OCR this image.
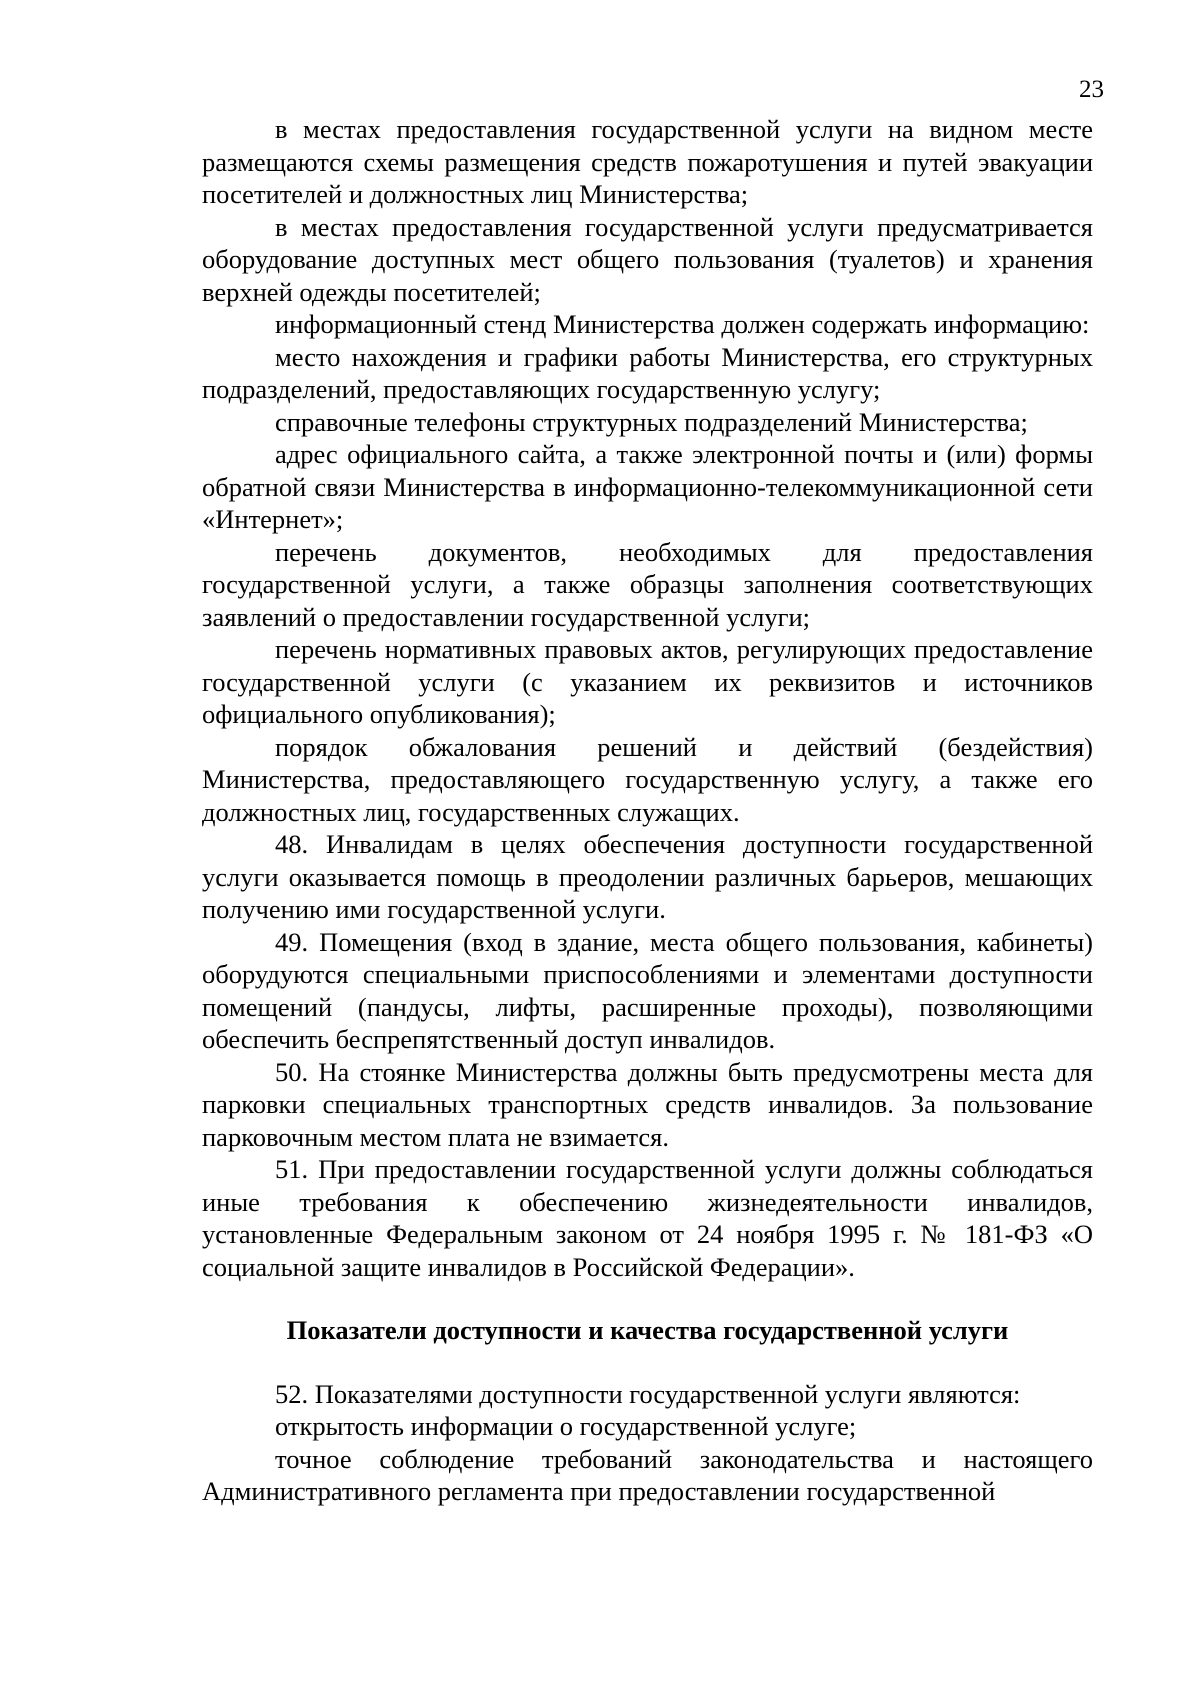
23

в местах предоставления государственной услуги на видном месте размещаются схемы размещения средств пожаротушения и путей эвакуации посетителей и должностных лиц Министерства;

в местах предоставления государственной услуги предусматривается оборудование доступных мест общего пользования (туалетов) и хранения верхней одежды посетителей;

информационный стенд Министерства должен содержать информацию:

место нахождения и графики работы Министерства, его структурных подразделений, предоставляющих государственную услугу;

справочные телефоны структурных подразделений Министерства;

адрес официального сайта, а также электронной почты и (или) формы обратной связи Министерства в информационно-телекоммуникационной сети «Интернет»;

перечень документов, необходимых для предоставления государственной услуги, а также образцы заполнения соответствующих заявлений о предоставлении государственной услуги;

перечень нормативных правовых актов, регулирующих предоставление государственной услуги (с указанием их реквизитов и источников официального опубликования);

порядок обжалования решений и действий (бездействия) Министерства, предоставляющего государственную услугу, а также его должностных лиц, государственных служащих.

48. Инвалидам в целях обеспечения доступности государственной услуги оказывается помощь в преодолении различных барьеров, мешающих получению ими государственной услуги.

49. Помещения (вход в здание, места общего пользования, кабинеты) оборудуются специальными приспособлениями и элементами доступности помещений (пандусы, лифты, расширенные проходы), позволяющими обеспечить беспрепятственный доступ инвалидов.

50. На стоянке Министерства должны быть предусмотрены места для парковки специальных транспортных средств инвалидов. За пользование парковочным местом плата не взимается.

51. При предоставлении государственной услуги должны соблюдаться иные требования к обеспечению жизнедеятельности инвалидов, установленные Федеральным законом от 24 ноября 1995 г. № 181-ФЗ «О социальной защите инвалидов в Российской Федерации».

Показатели доступности и качества государственной услуги

52. Показателями доступности государственной услуги являются:

открытость информации о государственной услуге;

точное соблюдение требований законодательства и настоящего Административного регламента при предоставлении государственной
